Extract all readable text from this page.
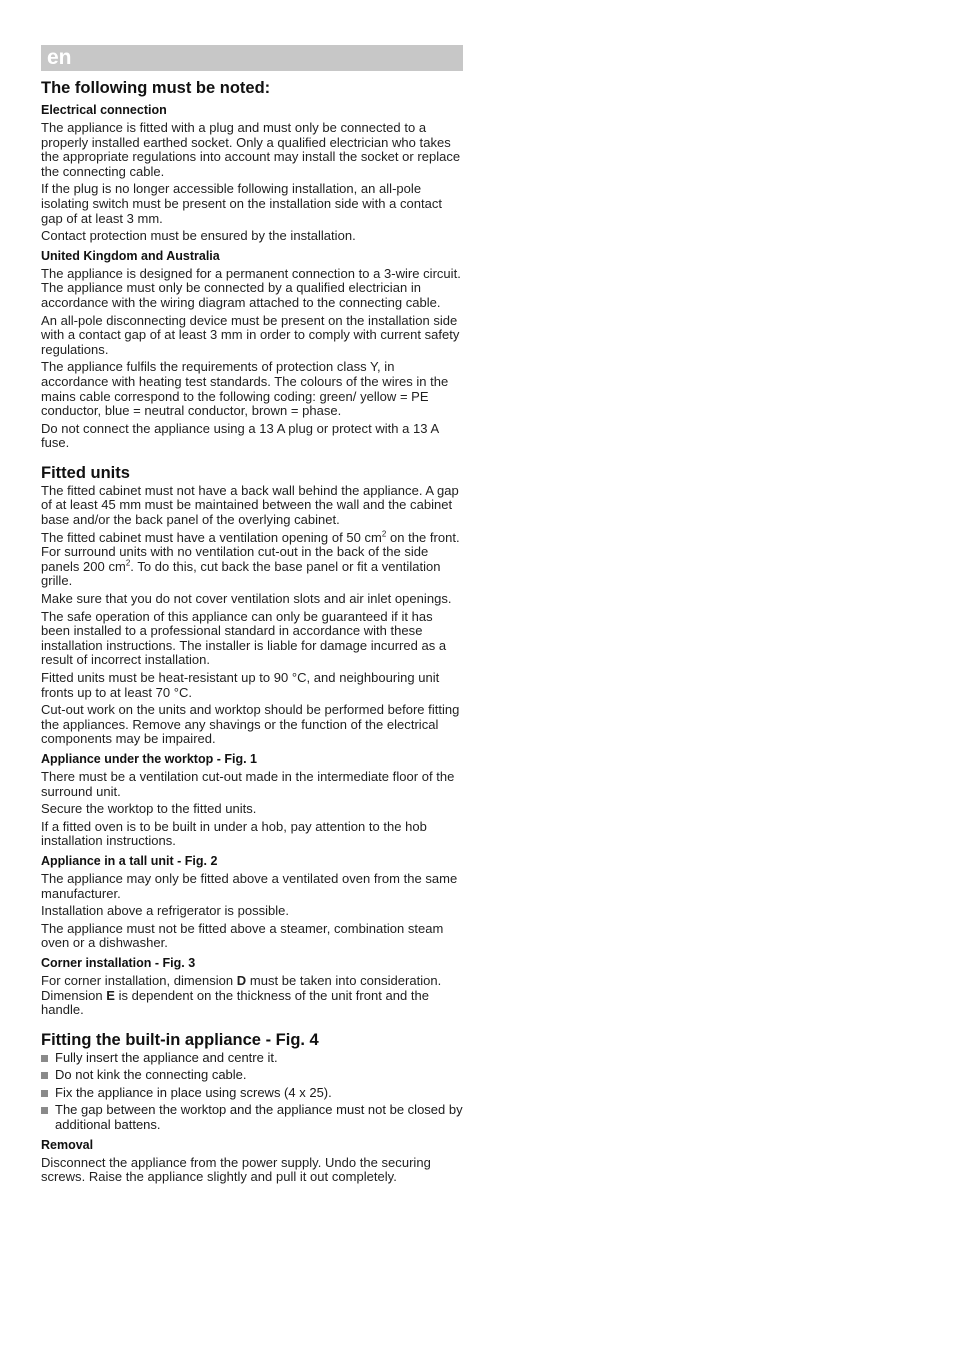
en
The following must be noted:
Electrical connection

The appliance is fitted with a plug and must only be connected to a properly installed earthed socket. Only a qualified electrician who takes the appropriate regulations into account may install the socket or replace the connecting cable.

If the plug is no longer accessible following installation, an all-pole isolating switch must be present on the installation side with a contact gap of at least 3 mm.

Contact protection must be ensured by the installation.

United Kingdom and Australia

The appliance is designed for a permanent connection to a 3-wire circuit. The appliance must only be connected by a qualified electrician in accordance with the wiring diagram attached to the connecting cable.

An all-pole disconnecting device must be present on the installation side with a contact gap of at least 3 mm in order to comply with current safety regulations.

The appliance fulfils the requirements of protection class Y, in accordance with heating test standards. The colours of the wires in the mains cable correspond to the following coding: green/ yellow = PE conductor, blue = neutral conductor, brown = phase.

Do not connect the appliance using a 13 A plug or protect with a 13 A fuse.

Fitted units

The fitted cabinet must not have a back wall behind the appliance. A gap of at least 45 mm must be maintained between the wall and the cabinet base and/or the back panel of the overlying cabinet.

The fitted cabinet must have a ventilation opening of 50 $cm^2$ on the front. For surround units with no ventilation cut-out in the back of the side panels 200 $cm^2$. To do this, cut back the base panel or fit a ventilation grille.

Make sure that you do not cover ventilation slots and air inlet openings.

The safe operation of this appliance can only be guaranteed if it has been installed to a professional standard in accordance with these installation instructions. The installer is liable for damage incurred as a result of incorrect installation.

Fitted units must be heat-resistant up to 90 °C, and neighbouring unit fronts up to at least 70 °C.

Cut-out work on the units and worktop should be performed before fitting the appliances. Remove any shavings or the function of the electrical components may be impaired.

Appliance under the worktop - Fig. 1

There must be a ventilation cut-out made in the intermediate floor of the surround unit.

Secure the worktop to the fitted units.

If a fitted oven is to be built in under a hob, pay attention to the hob installation instructions.

Appliance in a tall unit - Fig. 2

The appliance may only be fitted above a ventilated oven from the same manufacturer.

Installation above a refrigerator is possible.

The appliance must not be fitted above a steamer, combination steam oven or a dishwasher.

Corner installation - Fig. 3

For corner installation, dimension D must be taken into consideration. Dimension E is dependent on the thickness of the unit front and the handle.

Fitting the built-in appliance - Fig. 4
Fully insert the appliance and centre it.
Do not kink the connecting cable.
Fix the appliance in place using screws (4 x 25).
The gap between the worktop and the appliance must not be closed by additional battens.
Removal

Disconnect the appliance from the power supply. Undo the securing screws. Raise the appliance slightly and pull it out completely.
